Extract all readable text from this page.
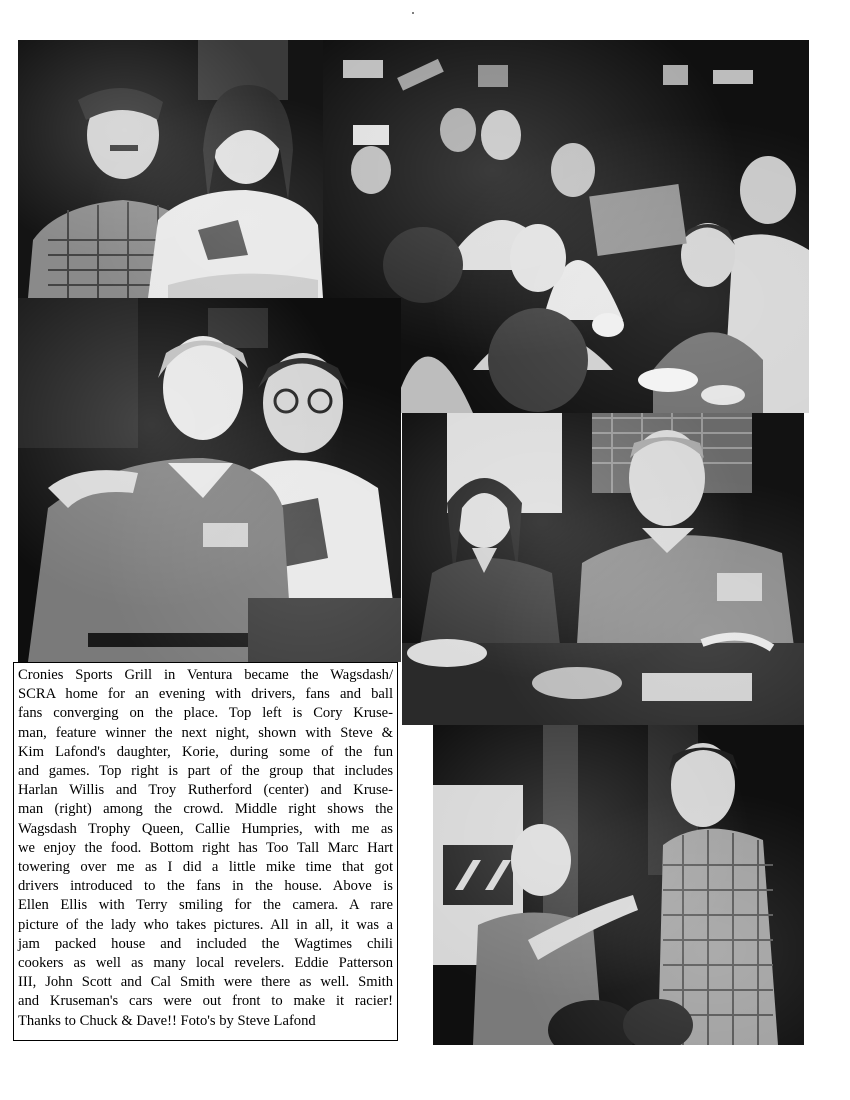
Cronies Sports Grill in Ventura became the Wagsdash/
SCRA home for an evening with drivers, fans and ball
fans converging on the place. Top left is Cory Kruse-
man, feature winner the next night, shown with Steve &
Kim Lafond's daughter, Korie, during some of the fun
and games. Top right is part of the group that includes
Harlan Willis and Troy Rutherford (center) and Kruse-
man (right) among the crowd. Middle right shows the
Wagsdash Trophy Queen, Callie Humpries, with me as
we enjoy the food. Bottom right has Too Tall Marc Hart
towering over me as I did a little mike time that got
drivers introduced to the fans in the house. Above is
Ellen Ellis with Terry smiling for the camera. A rare
picture of the lady who takes pictures. All in all, it was a
jam packed house and included the Wagtimes chili
cookers as well as many local revelers. Eddie Patterson
III, John Scott and Cal Smith were there as well. Smith
and Kruseman's cars were out front to make it racier!
Thanks to Chuck & Dave!! Foto's by Steve Lafond
